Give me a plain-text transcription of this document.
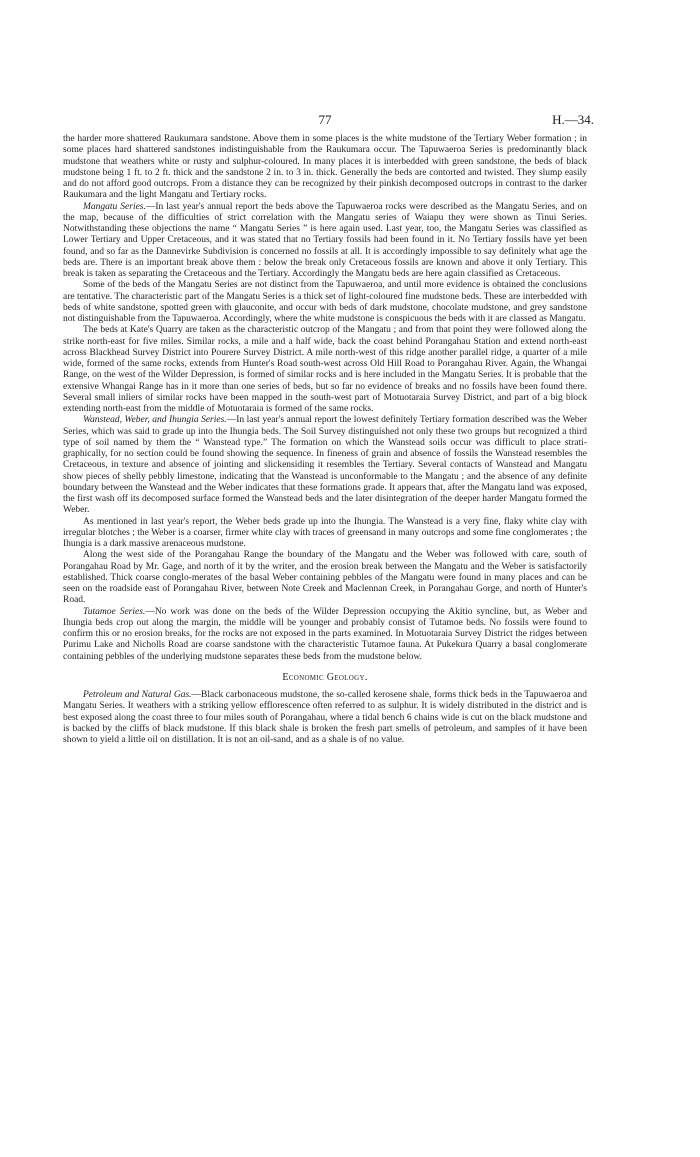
77	H.—34.

the harder more shattered Raukumara sandstone. Above them in some places is the white mudstone of the Tertiary Weber formation ; in some places hard shattered sandstones indistinguishable from the Raukumara occur. The Tapuwaeroa Series is predominantly black mudstone that weathers white or rusty and sulphur-coloured. In many places it is interbedded with green sandstone, the beds of black mudstone being 1 ft. to 2 ft. thick and the sandstone 2 in. to 3 in. thick. Generally the beds are contorted and twisted. They slump easily and do not afford good outcrops. From a distance they can be recognized by their pinkish decomposed outcrops in contrast to the darker Raukumara and the light Mangatu and Tertiary rocks.

Mangatu Series.—In last year's annual report the beds above the Tapuwaeroa rocks were described as the Mangatu Series, and on the map, because of the difficulties of strict correlation with the Mangatu series of Waiapu they were shown as Tinui Series. Notwithstanding these objections the name “ Mangatu Series ” is here again used. Last year, too, the Mangatu Series was classified as Lower Tertiary and Upper Cretaceous, and it was stated that no Tertiary fossils had been found in it. No Tertiary fossils have yet been found, and so far as the Dannevirke Subdivision is concerned no fossils at all. It is accordingly impossible to say definitely what age the beds are. There is an important break above them : below the break only Cretaceous fossils are known and above it only Tertiary. This break is taken as separating the Cretaceous and the Tertiary. Accordingly the Mangatu beds are here again classified as Cretaceous.

Some of the beds of the Mangatu Series are not distinct from the Tapuwaeroa, and until more evidence is obtained the conclusions are tentative. The characteristic part of the Mangatu Series is a thick set of light-coloured fine mudstone beds. These are interbedded with beds of white sandstone, spotted green with glauconite, and occur with beds of dark mudstone, chocolate mudstone, and grey sandstone not distinguishable from the Tapuwaeroa. Accordingly, where the white mudstone is conspicuous the beds with it are classed as Mangatu.

The beds at Kate's Quarry are taken as the characteristic outcrop of the Mangatu ; and from that point they were followed along the strike north-east for five miles. Similar rocks, a mile and a half wide, back the coast behind Porangahau Station and extend north-east across Blackhead Survey District into Pourere Survey District. A mile north-west of this ridge another parallel ridge, a quarter of a mile wide, formed of the same rocks, extends from Hunter's Road south-west across Old Hill Road to Porangahau River. Again, the Whangai Range, on the west of the Wilder Depression, is formed of similar rocks and is here included in the Mangatu Series. It is probable that the extensive Whangai Range has in it more than one series of beds, but so far no evidence of breaks and no fossils have been found there. Several small inliers of similar rocks have been mapped in the south-west part of Motuotaraia Survey District, and part of a big block extending north-east from the middle of Motuotaraia is formed of the same rocks.

Wanstead, Weber, and Ihungia Series.—In last year's annual report the lowest definitely Tertiary formation described was the Weber Series, which was said to grade up into the Ihungia beds. The Soil Survey distinguished not only these two groups but recognized a third type of soil named by them the “ Wanstead type.” The formation on which the Wanstead soils occur was difficult to place strati-graphically, for no section could be found showing the sequence. In fineness of grain and absence of fossils the Wanstead resembles the Cretaceous, in texture and absence of jointing and slickensiding it resembles the Tertiary. Several contacts of Wanstead and Mangatu show pieces of shelly pebbly limestone, indicating that the Wanstead is unconformable to the Mangatu ; and the absence of any definite boundary between the Wanstead and the Weber indicates that these formations grade. It appears that, after the Mangatu land was exposed, the first wash off its decomposed surface formed the Wanstead beds and the later disintegration of the deeper harder Mangatu formed the Weber.

As mentioned in last year's report, the Weber beds grade up into the Ihungia. The Wanstead is a very fine, flaky white clay with irregular blotches ; the Weber is a coarser, firmer white clay with traces of greensand in many outcrops and some fine conglomerates ; the Ihungia is a dark massive arenaceous mudstone.

Along the west side of the Porangahau Range the boundary of the Mangatu and the Weber was followed with care, south of Porangahau Road by Mr. Gage, and north of it by the writer, and the erosion break between the Mangatu and the Weber is satisfactorily established. Thick coarse conglo-merates of the basal Weber containing pebbles of the Mangatu were found in many places and can be seen on the roadside east of Porangahau River, between Note Creek and Maclennan Creek, in Porangahau Gorge, and north of Hunter's Road.

Tutamoe Series.—No work was done on the beds of the Wilder Depression occupying the Akitio syncline, but, as Weber and Ihungia beds crop out along the margin, the middle will be younger and probably consist of Tutamoe beds. No fossils were found to confirm this or no erosion breaks, for the rocks are not exposed in the parts examined. In Motuotaraia Survey District the ridges between Purimu Lake and Nicholls Road are coarse sandstone with the characteristic Tutamoe fauna. At Pukekura Quarry a basal conglomerate containing pebbles of the underlying mudstone separates these beds from the mudstone below.

Economic Geology.

Petroleum and Natural Gas.—Black carbonaceous mudstone, the so-called kerosene shale, forms thick beds in the Tapuwaeroa and Mangatu Series. It weathers with a striking yellow efflorescence often referred to as sulphur. It is widely distributed in the district and is best exposed along the coast three to four miles south of Porangahau, where a tidal bench 6 chains wide is cut on the black mudstone and is backed by the cliffs of black mudstone. If this black shale is broken the fresh part smells of petroleum, and samples of it have been shown to yield a little oil on distillation. It is not an oil-sand, and as a shale is of no value.
